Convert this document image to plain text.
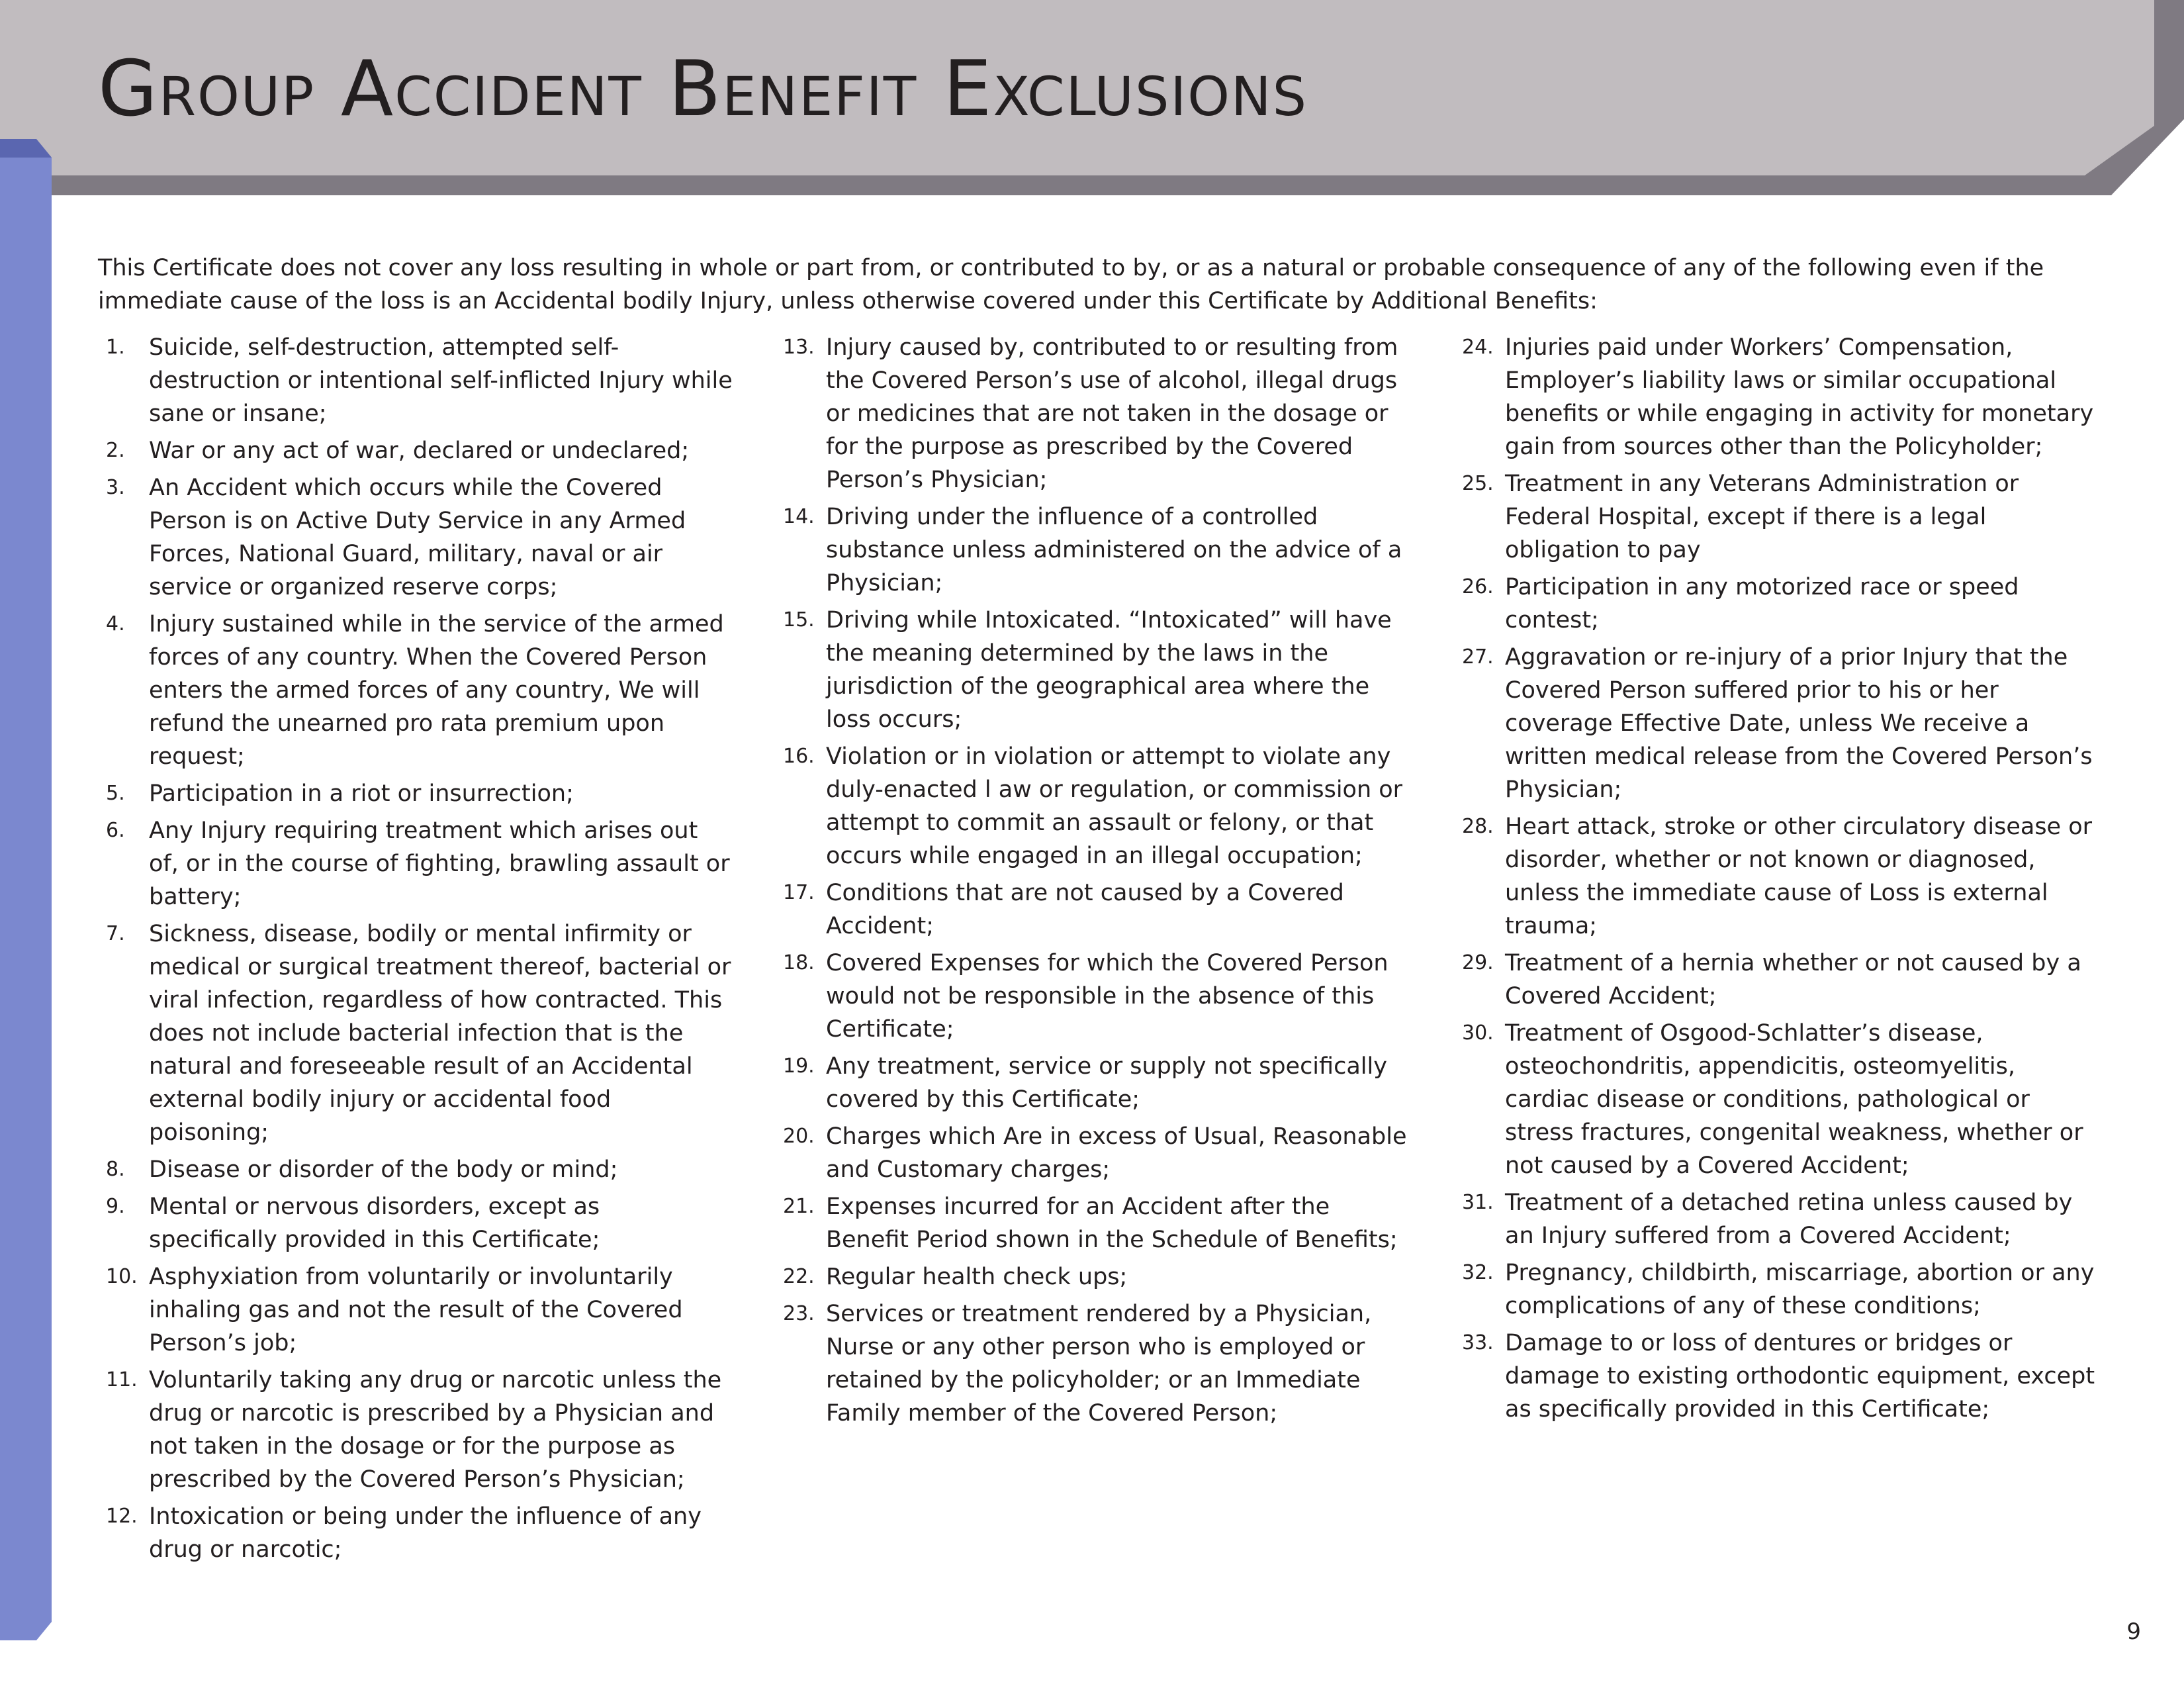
Group Accident Benefit Exclusions

This Certificate does not cover any loss resulting in whole or part from, or contributed to by, or as a natural or probable consequence of any of the following even if the immediate cause of the loss is an Accidental bodily Injury, unless otherwise covered under this Certificate by Additional Benefits:

1.	Suicide, self-destruction, attempted self-destruction or intentional self-inflicted Injury while sane or insane;
2.	War or any act of war, declared or undeclared;
3.	An Accident which occurs while the Covered Person is on Active Duty Service in any Armed Forces, National Guard, military, naval or air service or organized reserve corps;
4.	Injury sustained while in the service of the armed forces of any country. When the Covered Person enters the armed forces of any country, We will refund the unearned pro rata premium upon request;
5.	Participation in a riot or insurrection;
6.	Any Injury requiring treatment which arises out of, or in the course of fighting, brawling assault or battery;
7.	Sickness, disease, bodily or mental infirmity or medical or surgical treatment thereof, bacterial or viral infection, regardless of how contracted. This does not include bacterial infection that is the natural and foreseeable result of an Accidental external bodily injury or accidental food poisoning;
8.	Disease or disorder of the body or mind;
9.	Mental or nervous disorders, except as specifically provided in this Certificate;
10. Asphyxiation from voluntarily or involuntarily inhaling gas and not the result of the Covered Person’s job;
11. Voluntarily taking any drug or narcotic unless the drug or narcotic is prescribed by a Physician and not taken in the dosage or for the purpose as prescribed by the Covered Person’s Physician;
12. Intoxication or being under the influence of any drug or narcotic;
13. Injury caused by, contributed to or resulting from the Covered Person’s use of alcohol, illegal drugs or medicines that are not taken in the dosage or for the purpose as prescribed by the Covered Person’s Physician;
14. Driving under the influence of a controlled substance unless administered on the advice of a Physician;
15. Driving while Intoxicated. “Intoxicated” will have the meaning determined by the laws in the jurisdiction of the geographical area where the loss occurs;
16. Violation or in violation or attempt to violate any duly-enacted l aw or regulation, or commission or attempt to commit an assault or felony, or that occurs while engaged in an illegal occupation;
17. Conditions that are not caused by a Covered Accident;
18. Covered Expenses for which the Covered Person would not be responsible in the absence of this Certificate;
19. Any treatment, service or supply not specifically covered by this Certificate;
20. Charges which Are in excess of Usual, Reasonable and Customary charges;
21. Expenses incurred for an Accident after the Benefit Period shown in the Schedule of Benefits;
22. Regular health check ups;
23. Services or treatment rendered by a Physician, Nurse or any other person who is employed or retained by the policyholder; or an Immediate Family member of the Covered Person;
24. Injuries paid under Workers’ Compensation, Employer’s liability laws or similar occupational benefits or while engaging in activity for monetary gain from sources other than the Policyholder;
25. Treatment in any Veterans Administration or Federal Hospital, except if there is a legal obligation to pay
26. Participation in any motorized race or speed contest;
27. Aggravation or re-injury of a prior Injury that the Covered Person suffered prior to his or her coverage Effective Date, unless We receive a written medical release from the Covered Person’s Physician;
28. Heart attack, stroke or other circulatory disease or disorder, whether or not known or diagnosed, unless the immediate cause of Loss is external trauma;
29. Treatment of a hernia whether or not caused by a Covered Accident;
30. Treatment of Osgood-Schlatter’s disease, osteochondritis, appendicitis, osteomyelitis, cardiac disease or conditions, pathological or stress fractures, congenital weakness, whether or not caused by a Covered Accident;
31. Treatment of a detached retina unless caused by an Injury suffered from a Covered Accident;
32. Pregnancy, childbirth, miscarriage, abortion or any complications of any of these conditions;
33. Damage to or loss of dentures or bridges or damage to existing orthodontic equipment, except as specifically provided in this Certificate;
9
